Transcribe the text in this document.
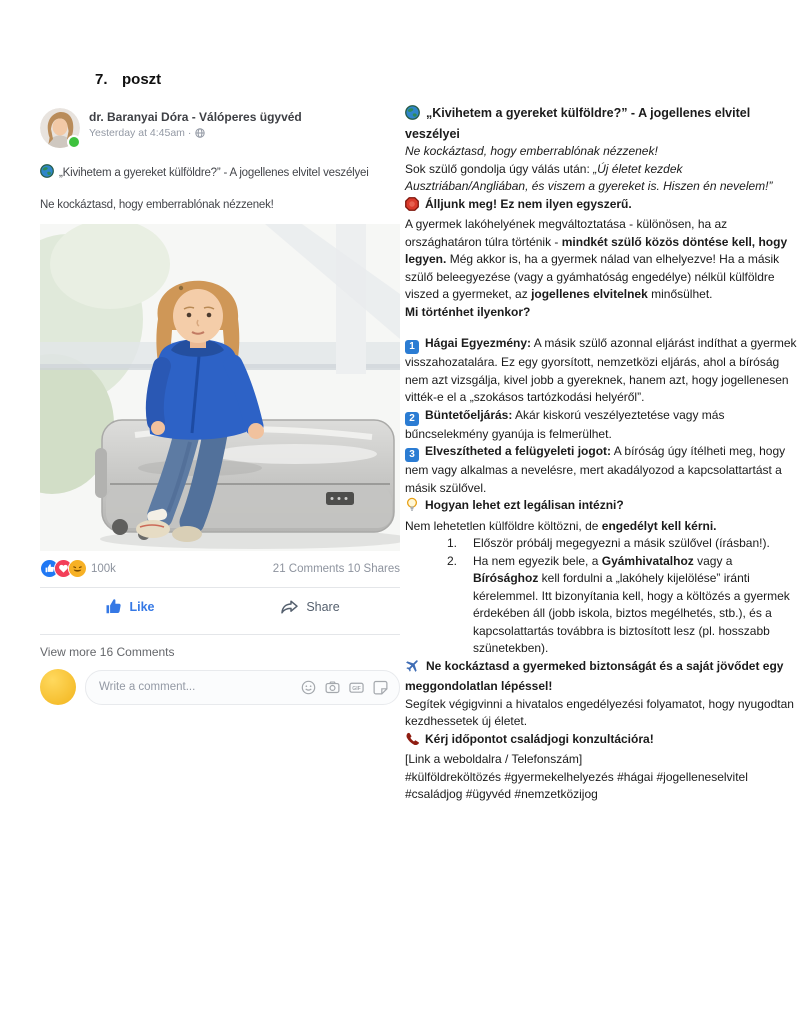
7. poszt
dr. Baranyai Dóra - Válóperes ügyvéd
Yesterday at 4:45am ·

„Kivihetem a gyereket külföldre?” - A jogellenes elvitel veszélyei

Ne kockáztasd, hogy emberrablónak nézzenek!

100k	21 Comments 10 Shares
Like	Share
View more 16 Comments
Write a comment...
GIF

„Kivihetem a gyereket külföldre?” - A jogellenes elvitel veszélyei

Ne kockáztasd, hogy emberrablónak nézzenek!

Sok szülő gondolja úgy válás után: „Új életet kezdek Ausztriában/Angliában, és viszem a gyereket is. Hiszen én nevelem!”

Álljunk meg! Ez nem ilyen egyszerű.

A gyermek lakóhelyének megváltoztatása - különösen, ha az országhatáron túlra történik - mindkét szülő közös döntése kell, hogy legyen. Még akkor is, ha a gyermek nálad van elhelyezve! Ha a másik szülő beleegyezése (vagy a gyámhatóság engedélye) nélkül külföldre viszed a gyermeket, az jogellenes elvitelnek minősülhet.

Mi történhet ilyenkor?

1 Hágai Egyezmény: A másik szülő azonnal eljárást indíthat a gyermek visszahozatalára. Ez egy gyorsított, nemzetközi eljárás, ahol a bíróság nem azt vizsgálja, kivel jobb a gyereknek, hanem azt, hogy jogellenesen vitték-e el a „szokásos tartózkodási helyéről”.

2 Büntetőeljárás: Akár kiskorú veszélyeztetése vagy más bűncselekmény gyanúja is felmerülhet.

3 Elveszítheted a felügyeleti jogot: A bíróság úgy ítélheti meg, hogy nem vagy alkalmas a nevelésre, mert akadályozod a kapcsolattartást a másik szülővel.

Hogyan lehet ezt legálisan intézni?

Nem lehetetlen külföldre költözni, de engedélyt kell kérni.

1.	Először próbálj megegyezni a másik szülővel (írásban!).
2.	Ha nem egyezik bele, a Gyámhivatalhoz vagy a Bírósághoz kell fordulni a „lakóhely kijelölése” iránti kérelemmel. Itt bizonyítania kell, hogy a költözés a gyermek érdekében áll (jobb iskola, biztos megélhetés, stb.), és a kapcsolattartás továbbra is biztosított lesz (pl. hosszabb szünetekben).

Ne kockáztasd a gyermeked biztonságát és a saját jövődet egy meggondolatlan lépéssel!

Segítek végigvinni a hivatalos engedélyezési folyamatot, hogy nyugodtan kezdhessetek új életet.

Kérj időpontot családjogi konzultációra!

[Link a weboldalra / Telefonszám]

#külföldreköltözés #gyermekelhelyezés #hágai #jogelleneselvitel #családjog #ügyvéd #nemzetközijog
